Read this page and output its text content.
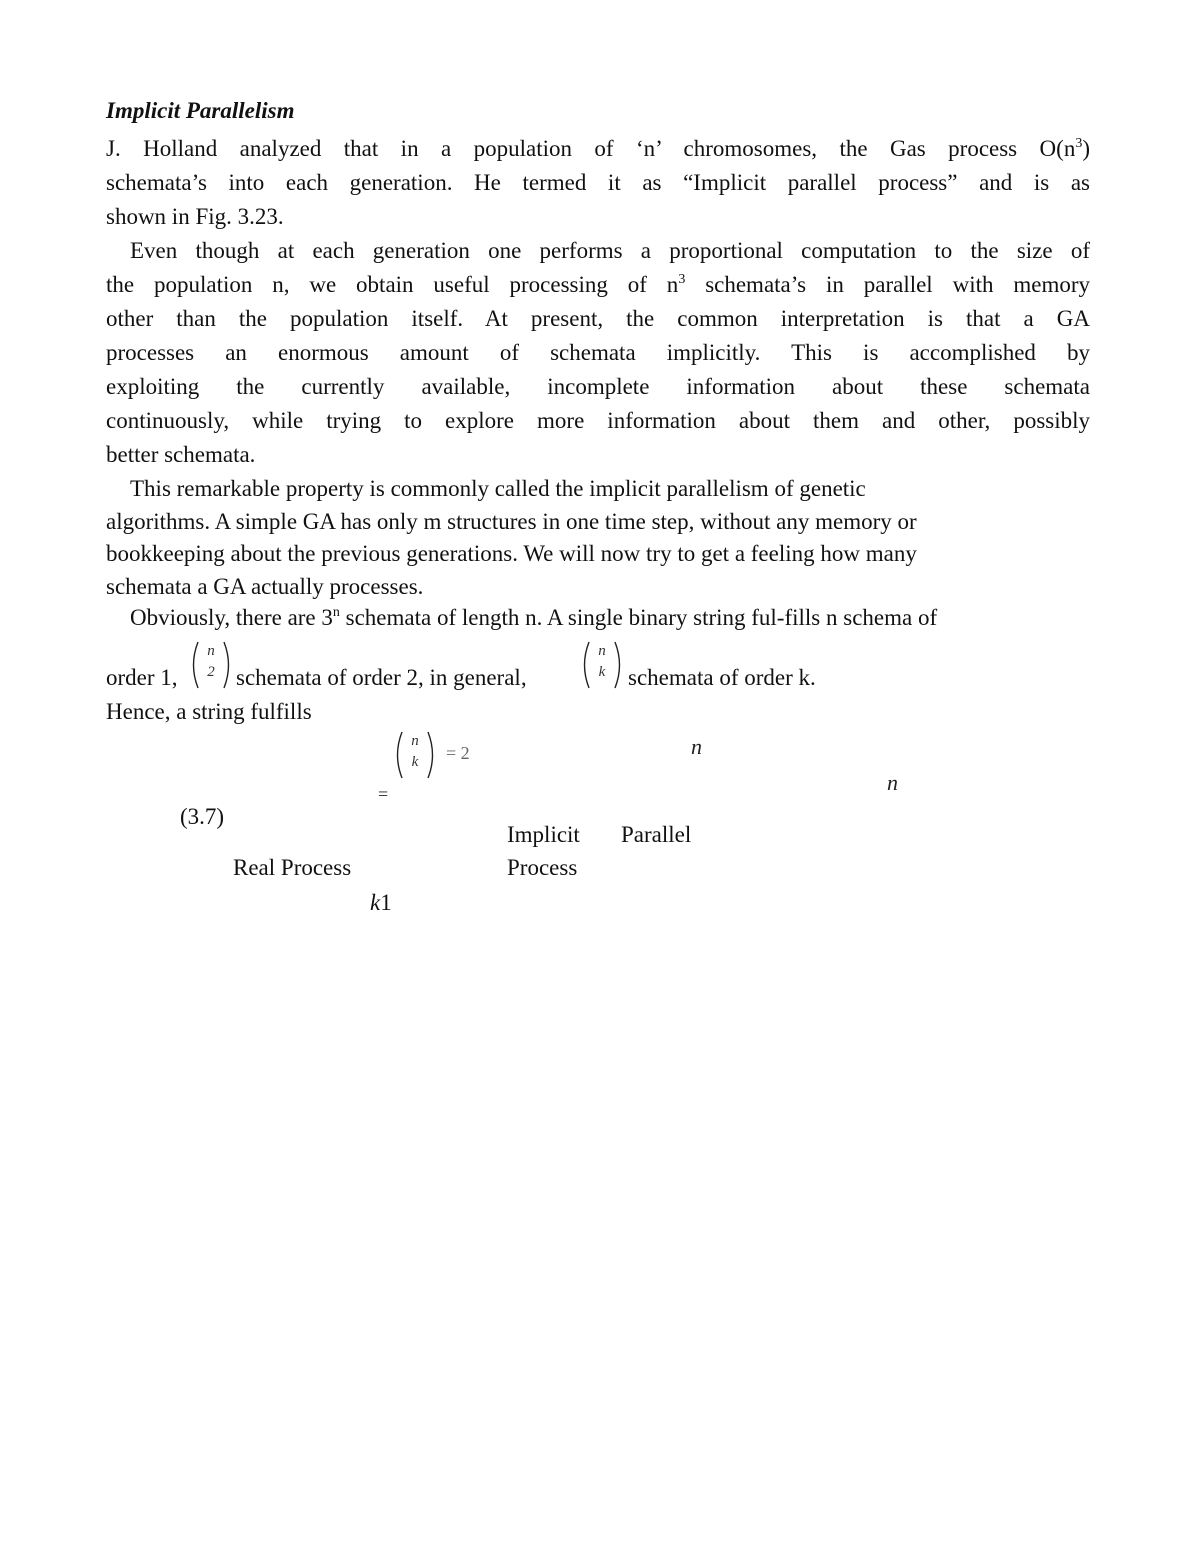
Implicit Parallelism
J. Holland analyzed that in a population of ‘n’ chromosomes, the Gas process $O(n^3)$
schemata’s into each generation. He termed it as “Implicit parallel process” and is as
shown in Fig. 3.23.
Even though at each generation one performs a proportional computation to the size of
the population n, we obtain useful processing of $n^3$ schemata’s in parallel with memory
other than the population itself. At present, the common interpretation is that a GA
processes an enormous amount of schemata implicitly. This is accomplished by
exploiting the currently available, incomplete information about these schemata
continuously, while trying to explore more information about them and other, possibly
better schemata.
This remarkable property is commonly called the implicit parallelism of genetic
algorithms. A simple GA has only m structures in one time step, without any memory or
bookkeeping about the previous generations. We will now try to get a feeling how many
schemata a GA actually processes.

Obviously, there are 3$^n$ schemata of length n. A single binary string ful-fills n schema of

order 1,

n
2 schemata of order 2, in general,

n
k schemata of order k.

Hence, a string fulfills

n
k	= 2	n
n
=
(3.7)
Implicit Parallel
Process
Real Process
k1
